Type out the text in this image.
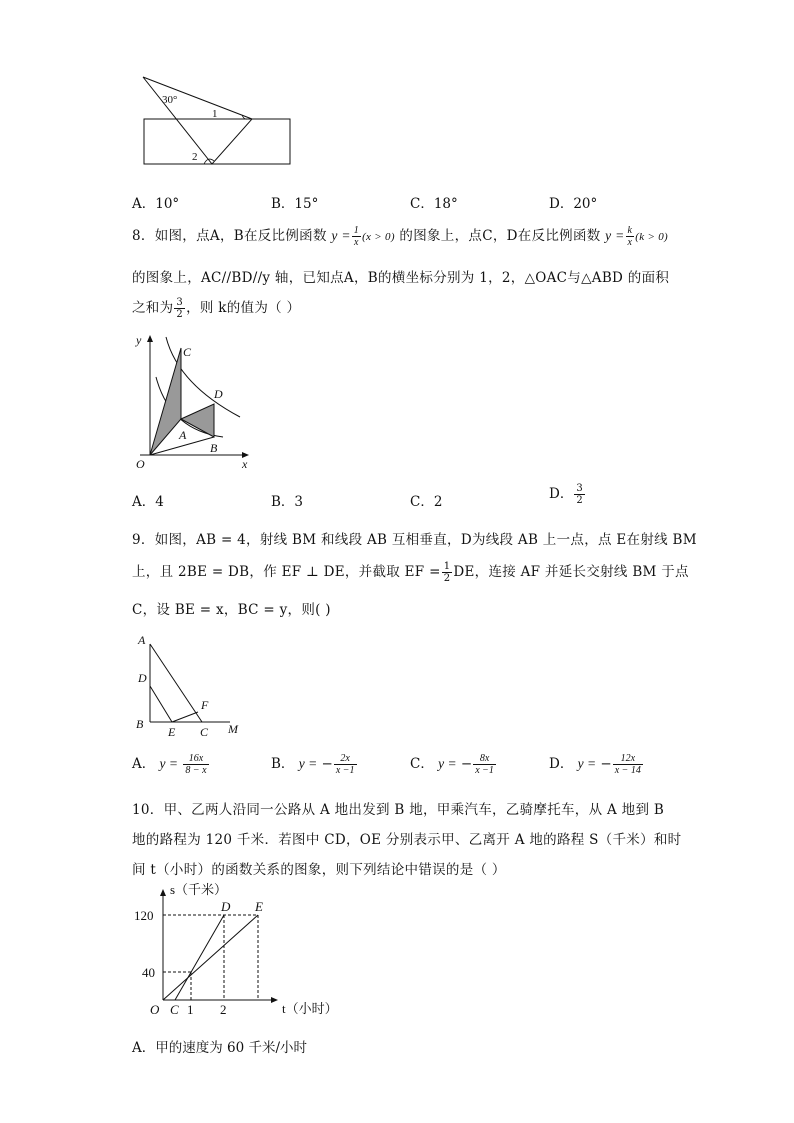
30°
1
2
A．10°	B．15°	C．18°	D．20°
8．如图，点A，B在反比例函数 $y = \frac{1}{x} (x > 0)$ 的图象上，点C，D在反比例函数 $y = \frac{k}{x} (k > 0)$
的图象上，AC//BD//y 轴，已知点A，B的横坐标分别为 1，2，△OAC与△ABD 的面积
之和为 $\frac{3}{2}$ ，则 k的值为（ ）
y
x
O
C
D
A
B
A．4	B．3	C．2	D． $\frac{3}{2}$
9．如图，AB = 4，射线 BM 和线段 AB 互相垂直，D为线段 AB 上一点，点 E在射线 BM
上，且 2BE = DB，作 EF ⊥ DE，并截取 EF = $\frac{1}{2}$ DE，连接 AF 并延长交射线 BM 于点
C，设 BE = x，BC = y，则( )
A
D
B
E C
F
M
A． $y = \frac{16x}{8 - x}$	B． y = − $\frac{2x}{x -1}$	C． y = − $\frac{8x}{x -1}$	D． y = − $\frac{12x}{x - 14}$
10．甲、乙两人沿同一公路从 A 地出发到 B 地，甲乘汽车，乙骑摩托车，从 A 地到 B
地的路程为 120 千米．若图中 CD，OE 分别表示甲、乙离开 A 地的路程 S（千米）和时
间 t（小时）的函数关系的图象，则下列结论中错误的是（ ）
s（千米）
t（小时）
120
40
O C 1 2
D E
A．甲的速度为 60 千米/小时
